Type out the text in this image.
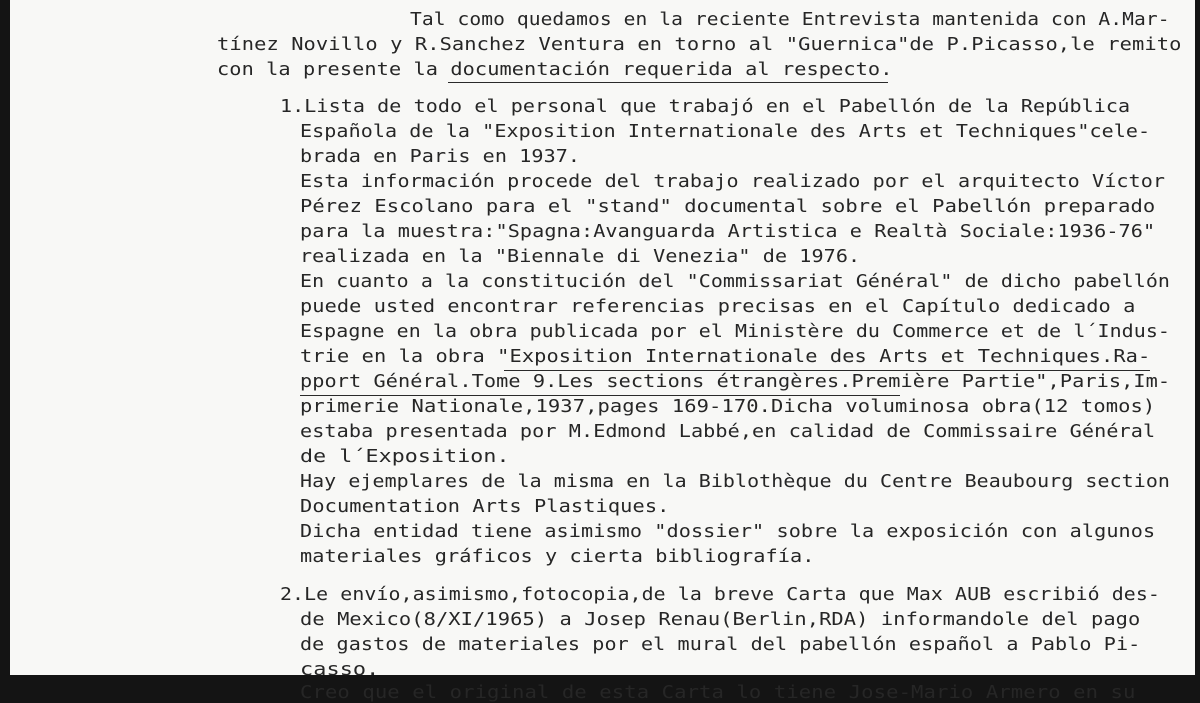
Tal como quedamos en la reciente Entrevista mantenida con A.Mar-
tínez Novillo y R.Sanchez Ventura en torno al "Guernica"de P.Picasso,le remito
con la presente la documentación requerida al respecto.
1.Lista de todo el personal que trabajó en el Pabellón de la República
Española de la "Exposition Internationale des Arts et Techniques"cele-
brada en Paris en 1937.
Esta información procede del trabajo realizado por el arquitecto Víctor
Pérez Escolano para el "stand" documental sobre el Pabellón preparado
para la muestra:"Spagna:Avanguarda Artistica e Realtà Sociale:1936-76"
realizada en la "Biennale di Venezia" de 1976.
En cuanto a la constitución del "Commissariat Général" de dicho pabellón
puede usted encontrar referencias precisas en el Capítulo dedicado a
Espagne en la obra publicada por el Ministère du Commerce et de l´Indus-
trie en la obra "Exposition Internationale des Arts et Techniques.Ra-
pport Général.Tome 9.Les sections étrangères.Première Partie",Paris,Im-
primerie Nationale,1937,pages 169-170.Dicha voluminosa obra(12 tomos)
estaba presentada por M.Edmond Labbé,en calidad de Commissaire Général
de l´Exposition.
Hay ejemplares de la misma en la Biblothèque du Centre Beaubourg section
Documentation Arts Plastiques.
Dicha entidad tiene asimismo "dossier" sobre la exposición con algunos
materiales gráficos y cierta bibliografía.
2.Le envío,asimismo,fotocopia,de la breve Carta que Max AUB escribió des-
de Mexico(8/XI/1965) a Josep Renau(Berlin,RDA) informandole del pago
de gastos de materiales por el mural del pabellón español a Pablo Pi-
casso.
Creo que el original de esta Carta lo tiene Jose-Mario Armero en su
